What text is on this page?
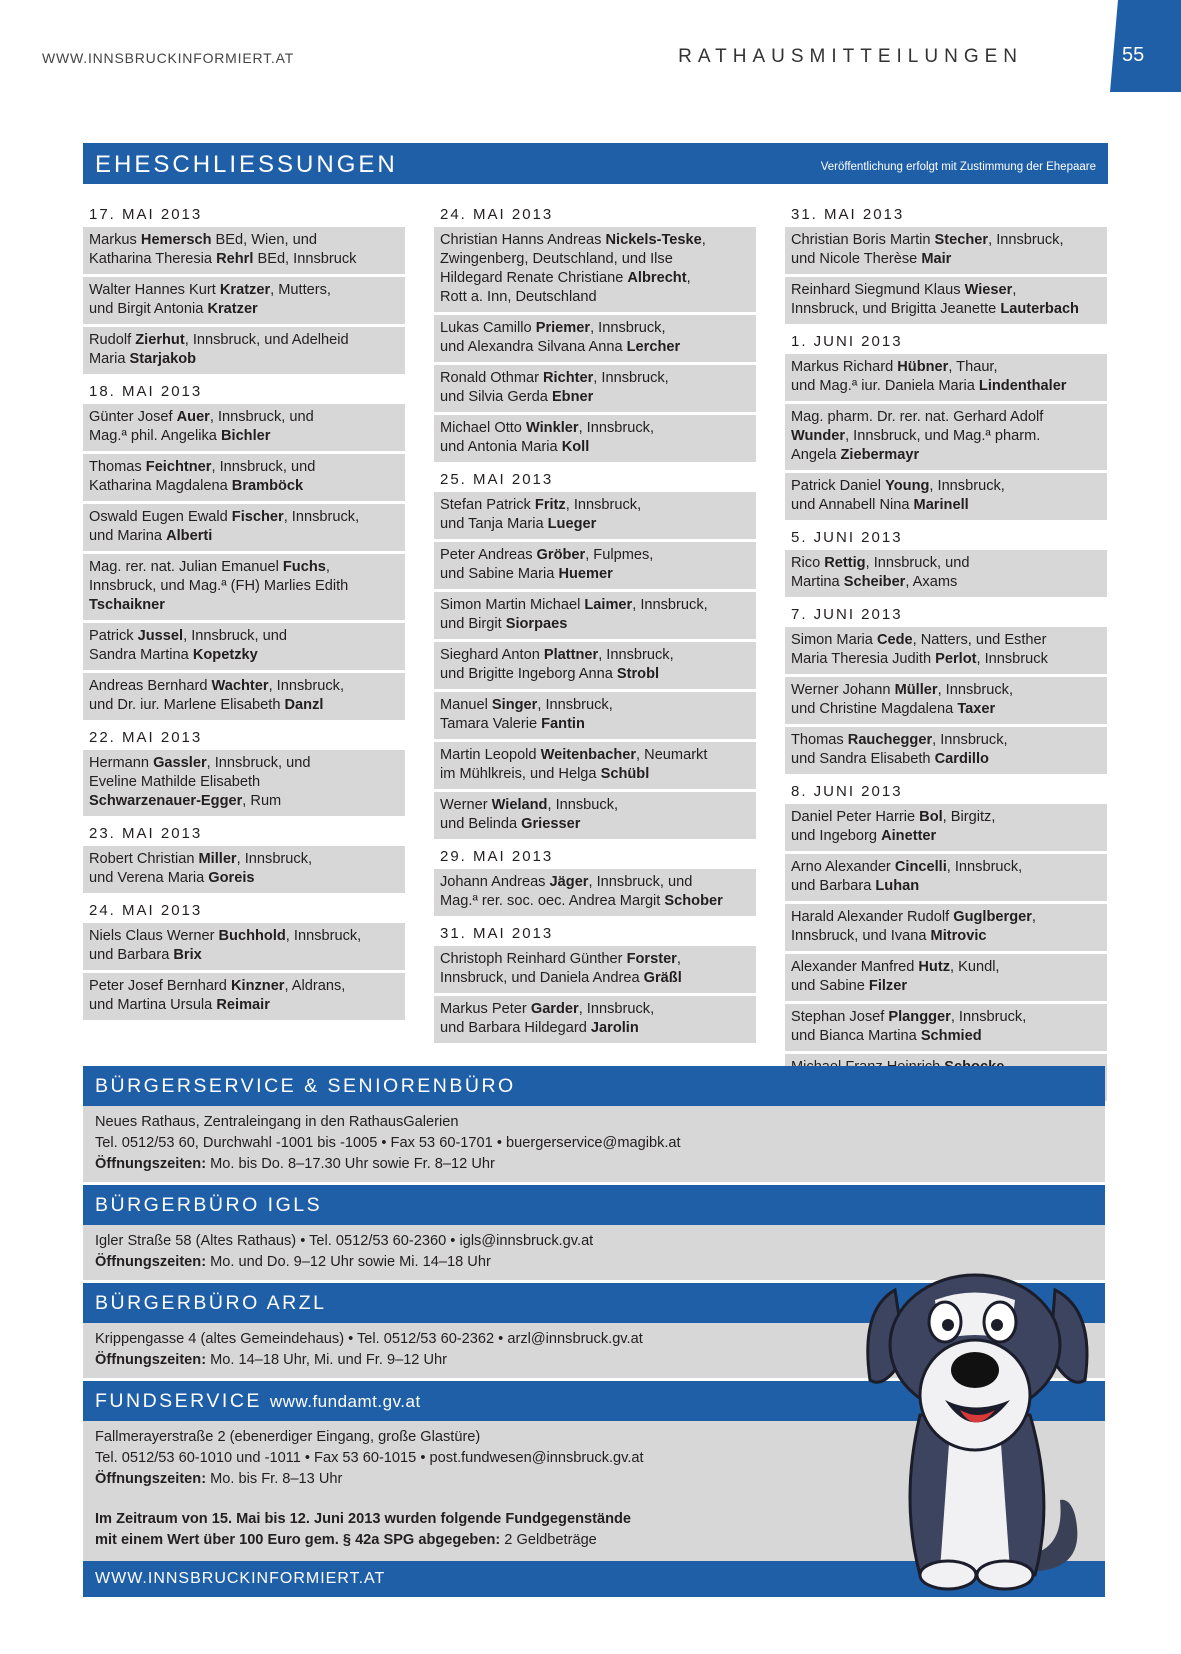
WWW.INNSBRUCKINFORMIERT.AT	RATHAUSMITTEILUNGEN	55
EHESCHLIESSUNGEN	Veröffentlichung erfolgt mit Zustimmung der Ehepaare
17. MAI 2013
Markus Hemersch BEd, Wien, und
Katharina Theresia Rehrl BEd, Innsbruck
Walter Hannes Kurt Kratzer, Mutters,
und Birgit Antonia Kratzer
Rudolf Zierhut, Innsbruck, und Adelheid
Maria Starjakob
18. MAI 2013
Günter Josef Auer, Innsbruck, und
Mag.ª phil. Angelika Bichler
Thomas Feichtner, Innsbruck, und
Katharina Magdalena Bramböck
Oswald Eugen Ewald Fischer, Innsbruck,
und Marina Alberti
Mag. rer. nat. Julian Emanuel Fuchs,
Innsbruck, und Mag.ª (FH) Marlies Edith
Tschaikner
Patrick Jussel, Innsbruck, und
Sandra Martina Kopetzky
Andreas Bernhard Wachter, Innsbruck,
und Dr. iur. Marlene Elisabeth Danzl
22. MAI 2013
Hermann Gassler, Innsbruck, und
Eveline Mathilde Elisabeth
Schwarzenauer-Egger, Rum
23. MAI 2013
Robert Christian Miller, Innsbruck,
und Verena Maria Goreis
24. MAI 2013
Niels Claus Werner Buchhold, Innsbruck,
und Barbara Brix
Peter Josef Bernhard Kinzner, Aldrans,
und Martina Ursula Reimair
24. MAI 2013
Christian Hanns Andreas Nickels-Teske,
Zwingenberg, Deutschland, und Ilse
Hildegard Renate Christiane Albrecht,
Rott a. Inn, Deutschland
Lukas Camillo Priemer, Innsbruck,
und Alexandra Silvana Anna Lercher
Ronald Othmar Richter, Innsbruck,
und Silvia Gerda Ebner
Michael Otto Winkler, Innsbruck,
und Antonia Maria Koll
25. MAI 2013
Stefan Patrick Fritz, Innsbruck,
und Tanja Maria Lueger
Peter Andreas Gröber, Fulpmes,
und Sabine Maria Huemer
Simon Martin Michael Laimer, Innsbruck,
und Birgit Siorpaes
Sieghard Anton Plattner, Innsbruck,
und Brigitte Ingeborg Anna Strobl
Manuel Singer, Innsbruck,
Tamara Valerie Fantin
Martin Leopold Weitenbacher, Neumarkt
im Mühlkreis, und Helga Schübl
Werner Wieland, Innsbuck,
und Belinda Griesser
29. MAI 2013
Johann Andreas Jäger, Innsbruck, und
Mag.ª rer. soc. oec. Andrea Margit Schober
31. MAI 2013
Christoph Reinhard Günther Forster,
Innsbruck, und Daniela Andrea Gräßl
Markus Peter Garder, Innsbruck,
und Barbara Hildegard Jarolin
31. MAI 2013
Christian Boris Martin Stecher, Innsbruck,
und Nicole Therèse Mair
Reinhard Siegmund Klaus Wieser,
Innsbruck, und Brigitta Jeanette Lauterbach
1. JUNI 2013
Markus Richard Hübner, Thaur,
und Mag.ª iur. Daniela Maria Lindenthaler
Mag. pharm. Dr. rer. nat. Gerhard Adolf
Wunder, Innsbruck, und Mag.ª pharm.
Angela Ziebermayr
Patrick Daniel Young, Innsbruck,
und Annabell Nina Marinell
5. JUNI 2013
Rico Rettig, Innsbruck, und
Martina Scheiber, Axams
7. JUNI 2013
Simon Maria Cede, Natters, und Esther
Maria Theresia Judith Perlot, Innsbruck
Werner Johann Müller, Innsbruck,
und Christine Magdalena Taxer
Thomas Rauchegger, Innsbruck,
und Sandra Elisabeth Cardillo
8. JUNI 2013
Daniel Peter Harrie Bol, Birgitz,
und Ingeborg Ainetter
Arno Alexander Cincelli, Innsbruck,
und Barbara Luhan
Harald Alexander Rudolf Guglberger,
Innsbruck, und Ivana Mitrovic
Alexander Manfred Hutz, Kundl,
und Sabine Filzer
Stephan Josef Plangger, Innsbruck,
und Bianca Martina Schmied

BÜRGERSERVICE & SENIORENBÜRO
Neues Rathaus, Zentraleingang in den RathausGalerien
Tel. 0512/53 60, Durchwahl -1001 bis -1005 • Fax 53 60-1701 • buergerservice@magibk.at
Öffnungszeiten: Mo. bis Do. 8–17.30 Uhr sowie Fr. 8–12 Uhr
BÜRGERBÜRO IGLS
Igler Straße 58 (Altes Rathaus) • Tel. 0512/53 60-2360 • igls@innsbruck.gv.at
Öffnungszeiten: Mo. und Do. 9–12 Uhr sowie Mi. 14–18 Uhr
BÜRGERBÜRO ARZL
Krippengasse 4 (altes Gemeindehaus) • Tel. 0512/53 60-2362 • arzl@innsbruck.gv.at
Öffnungszeiten: Mo. 14–18 Uhr, Mi. und Fr. 9–12 Uhr
FUNDSERVICE www.fundamt.gv.at
Fallmerayerstraße 2 (ebenerdiger Eingang, große Glastüre)
Tel. 0512/53 60-1010 und -1011 • Fax 53 60-1015 • post.fundwesen@innsbruck.gv.at
Öffnungszeiten: Mo. bis Fr. 8–13 Uhr
Im Zeitraum von 15. Mai bis 12. Juni 2013 wurden folgende Fundgegenstände
mit einem Wert über 100 Euro gem. § 42a SPG abgegeben: 2 Geldbeträge
WWW.INNSBRUCKINFORMIERT.AT
